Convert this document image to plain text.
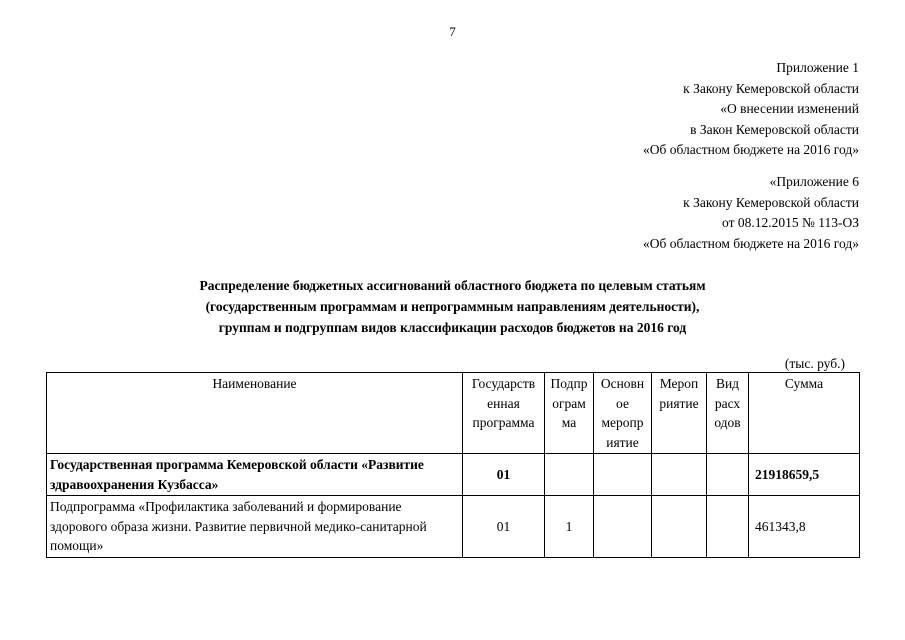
7
Приложение 1
к Закону Кемеровской области
«О внесении изменений
в Закон Кемеровской области
«Об областном бюджете на 2016 год»
«Приложение 6
к Закону Кемеровской области
от 08.12.2015 № 113-ОЗ
«Об областном бюджете на 2016 год»
Распределение бюджетных ассигнований областного бюджета по целевым статьям
(государственным программам и непрограммным направлениям деятельности),
группам и подгруппам видов классификации расходов бюджетов на 2016 год
(тыс. руб.)
Наименование	Государств енная программа	Подпр ограм ма	Основн ое меропр иятие	Мероп риятие	Вид расх одов	Сумма
Государственная программа Кемеровской области «Развитие здравоохранения Кузбасса»	01					21918659,5
Подпрограмма «Профилактика заболеваний и формирование здорового образа жизни. Развитие первичной медико-санитарной помощи»	01	1				461343,8
